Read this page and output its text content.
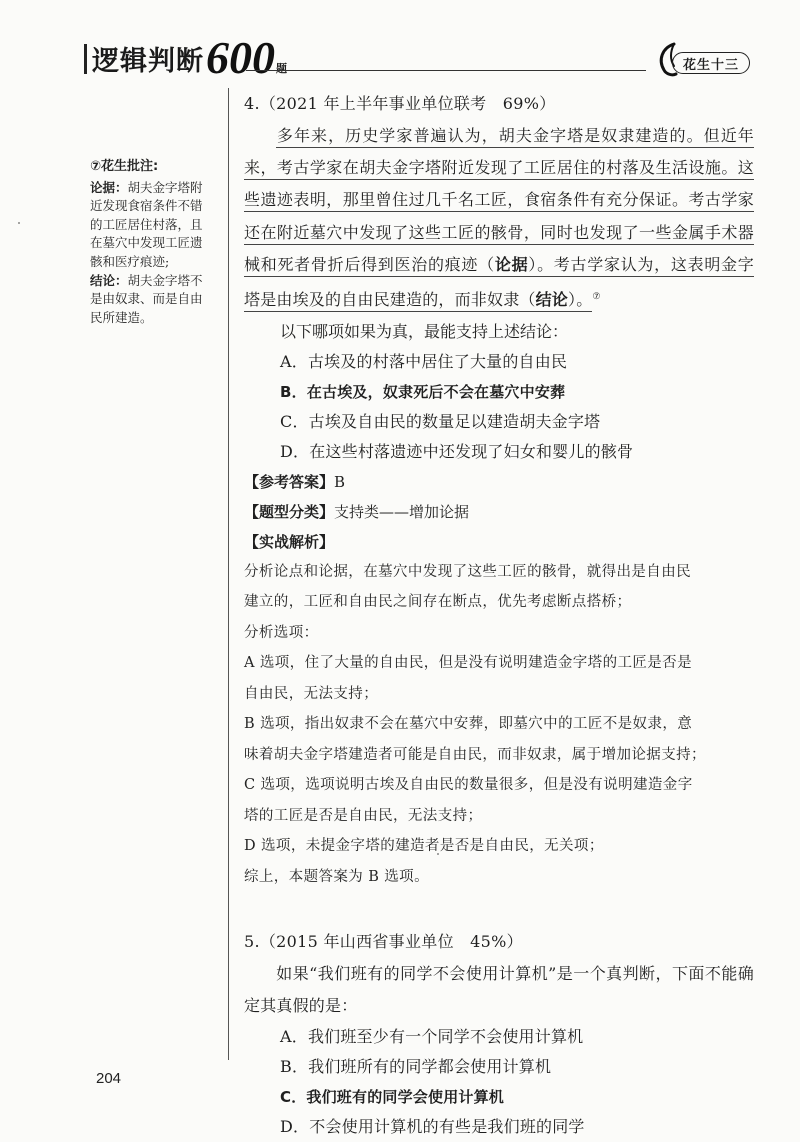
逻辑判断 600 题	花生十三
⑦花生批注:
论据：胡夫金字塔附
近发现食宿条件不错
的工匠居住村落，且
在墓穴中发现工匠遗
骸和医疗痕迹;
结论：胡夫金字塔不
是由奴隶、而是自由
民所建造。

4.（2021 年上半年事业单位联考　69%）

多年来，历史学家普遍认为，胡夫金字塔是奴隶建造的。但近年来，考古学家在胡夫金字塔附近发现了工匠居住的村落及生活设施。这些遗迹表明，那里曾住过几千名工匠，食宿条件有充分保证。考古学家还在附近墓穴中发现了这些工匠的骸骨，同时也发现了一些金属手术器械和死者骨折后得到医治的痕迹（论据）。考古学家认为，这表明金字塔是由埃及的自由民建造的，而非奴隶（结论）。⑦

以下哪项如果为真，最能支持上述结论：

A．古埃及的村落中居住了大量的自由民

B．在古埃及，奴隶死后不会在墓穴中安葬

C．古埃及自由民的数量足以建造胡夫金字塔

D．在这些村落遗迹中还发现了妇女和婴儿的骸骨

【参考答案】B

【题型分类】支持类——增加论据

【实战解析】

分析论点和论据，在墓穴中发现了这些工匠的骸骨，就得出是自由民

建立的，工匠和自由民之间存在断点，优先考虑断点搭桥；

分析选项：

A 选项，住了大量的自由民，但是没有说明建造金字塔的工匠是否是

自由民，无法支持；

B 选项，指出奴隶不会在墓穴中安葬，即墓穴中的工匠不是奴隶，意

味着胡夫金字塔建造者可能是自由民，而非奴隶，属于增加论据支持；

C 选项，选项说明古埃及自由民的数量很多，但是没有说明建造金字

塔的工匠是否是自由民，无法支持；

D 选项，未提金字塔的建造者是否是自由民，无关项；

综上，本题答案为 B 选项。

5.（2015 年山西省事业单位　45%）

如果“我们班有的同学不会使用计算机”是一个真判断，下面不能确定其真假的是：

A．我们班至少有一个同学不会使用计算机

B．我们班所有的同学都会使用计算机

C．我们班有的同学会使用计算机

D．不会使用计算机的有些是我们班的同学

204
